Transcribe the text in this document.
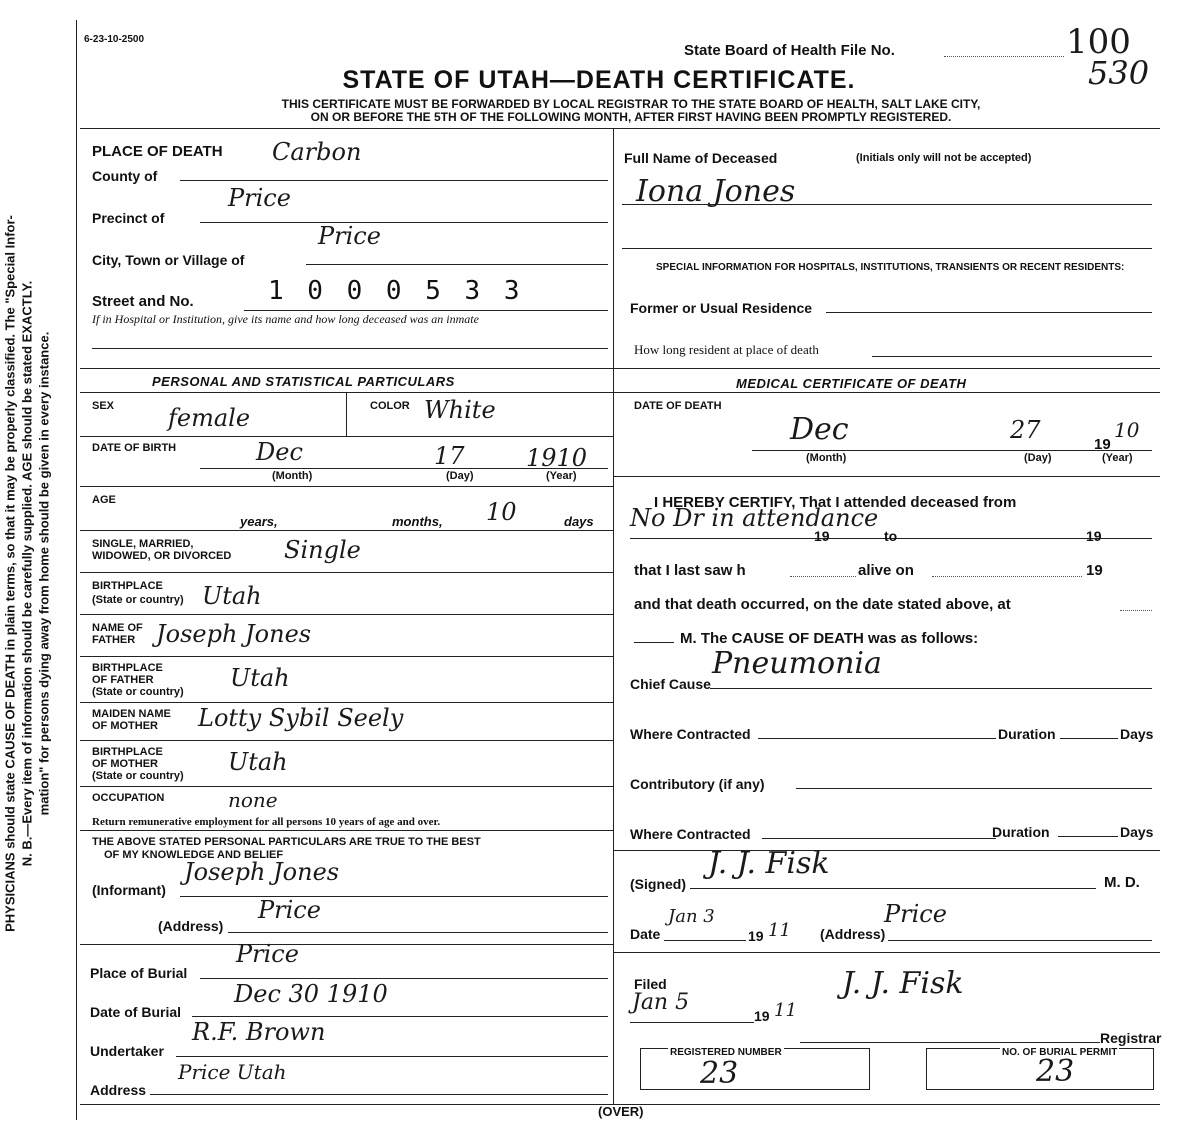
PHYSICIANS should state CAUSE OF DEATH in plain terms, so that it may be properly classified. The "Special Infor- N. B.—Every item of information should be carefully supplied. AGE should be stated EXACTLY. mation" for persons dying away from home should be given in every instance.
6-23-10-2500
State Board of Health File No.	100
530
STATE OF UTAH—DEATH CERTIFICATE.
THIS CERTIFICATE MUST BE FORWARDED BY LOCAL REGISTRAR TO THE STATE BOARD OF HEALTH, SALT LAKE CITY,
ON OR BEFORE THE 5TH OF THE FOLLOWING MONTH, AFTER FIRST HAVING BEEN PROMPTLY REGISTERED.
PLACE OF DEATH Carbon
County of
Price
Precinct of
Price
City, Town or Village of
Street and No.	1 0 0 0 5 3 3
If in Hospital or Institution, give its name and how long deceased was an inmate
Full Name of Deceased	(Initials only will not be accepted)
Iona Jones
SPECIAL INFORMATION FOR HOSPITALS, INSTITUTIONS, TRANSIENTS OR RECENT RESIDENTS:
Former or Usual Residence
How long resident at place of death
PERSONAL AND STATISTICAL PARTICULARS
SEX female	COLOR White
DATE OF BIRTH	Dec	17	1910
(Month)	(Day)	(Year)
AGE
years,	months, 10	days
SINGLE, MARRIED,
WIDOWED, OR DIVORCED Single
BIRTHPLACE
(State or country) Utah
NAME OF
FATHER Joseph Jones
BIRTHPLACE
OF FATHER
(State or country) Utah
MAIDEN NAME
OF MOTHER Lotty Sybil Seely
BIRTHPLACE
OF MOTHER
(State or country) Utah
OCCUPATION	none
Return remunerative employment for all persons 10 years of age and over.
THE ABOVE STATED PERSONAL PARTICULARS ARE TRUE TO THE BEST
OF MY KNOWLEDGE AND BELIEF
(Informant)
Joseph Jones
(Address)
Price
Place of Burial
Price
Date of Burial
Dec 30 1910
Undertaker
R.F. Brown
Address
Price Utah
MEDICAL CERTIFICATE OF DEATH
DATE OF DEATH
Dec	27
19
10
(Month)	(Day)	(Year)
I HEREBY CERTIFY, That I attended deceased from
No Dr in attendance
19	to	19
that I last saw h	alive on	19
and that death occurred, on the date stated above, at
M. The CAUSE OF DEATH was as follows:
Pneumonia
Chief Cause
Where Contracted	Duration	Days
Contributory (if any)
Where Contracted	Duration	Days
(Signed)
J. J. Fisk
M. D.
Date
Jan 3
19 11 (Address)
Price
Filed
Jan 5
19 11
J. J. Fisk
Registrar
REGISTERED NUMBER
23
NO. OF BURIAL PERMIT
23
(OVER)
